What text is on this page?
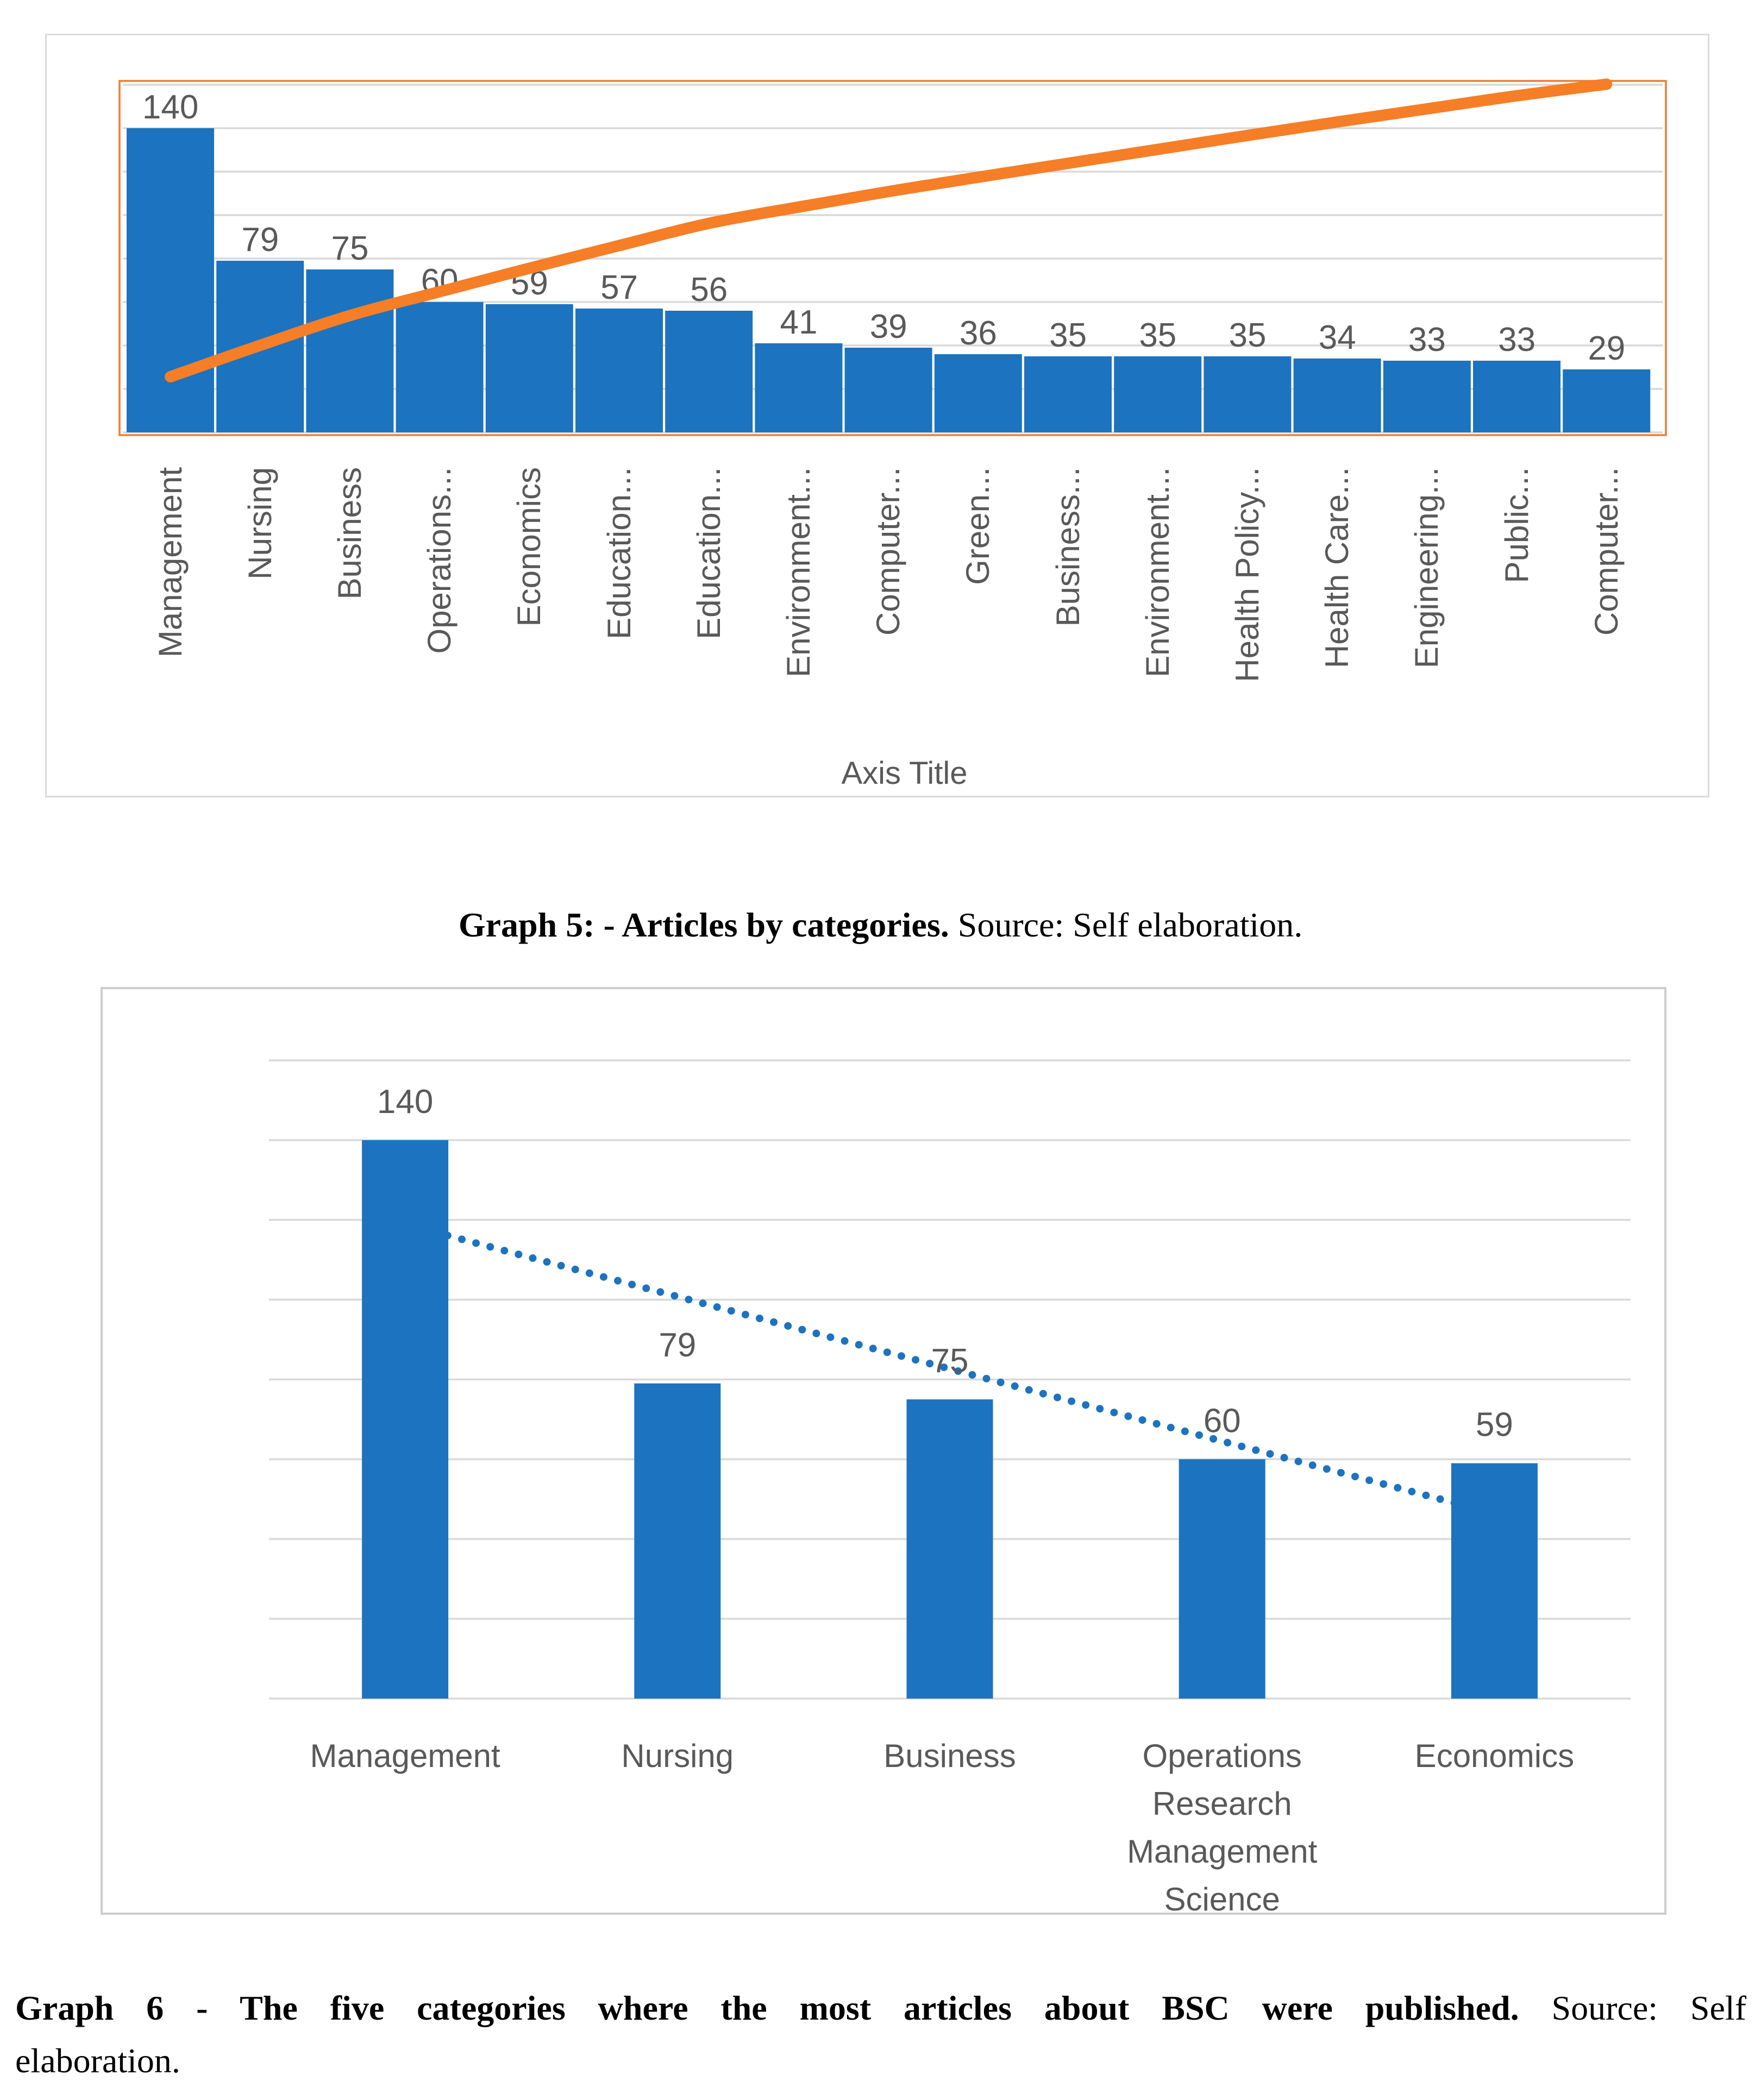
140
79 75
60 59 57 56
41 39 36 35 35 35 34 33 33 29
Management Nursing Business Operations... Economics Education... Education... Environment... Computer... Green... Business... Environment... Health Policy... Health Care... Engineering... Public... Computer...
Axis Title

Graph 5: - Articles by categories. Source: Self elaboration.

140
79	75
60	59
Management	Nursing	Business	Operations Research Management Science
Economics
Graph 6 - The five categories where the most articles about BSC were published. Source: Self
elaboration.
